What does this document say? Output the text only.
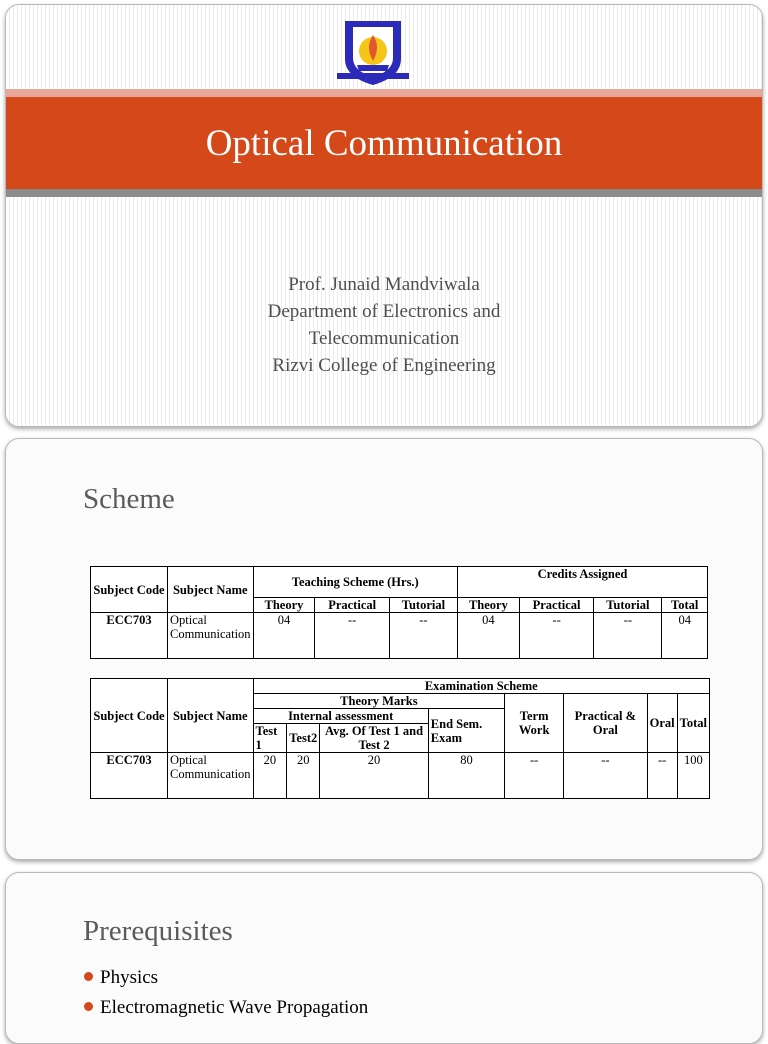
Optical Communication
Prof. Junaid Mandviwala
Department of Electronics and
Telecommunication
Rizvi College of Engineering
Scheme
Subject Code	Subject Name	Teaching Scheme (Hrs.)			Credits Assigned			
		Theory	Practical	Tutorial	Theory	Practical	Tutorial	Total
ECC703	Optical Communication	04	--	--	04	--	--	04
Subject Code	Subject Name	Examination Scheme							
		Theory Marks				Term Work	Practical & Oral	Oral	Total
		Internal assessment			End Sem. Exam				
		Test 1	Test2	Avg. Of Test 1 and Test 2					
ECC703	Optical Communication	20	20	20	80	--	--	--	100
Prerequisites
Physics
Electromagnetic Wave Propagation
